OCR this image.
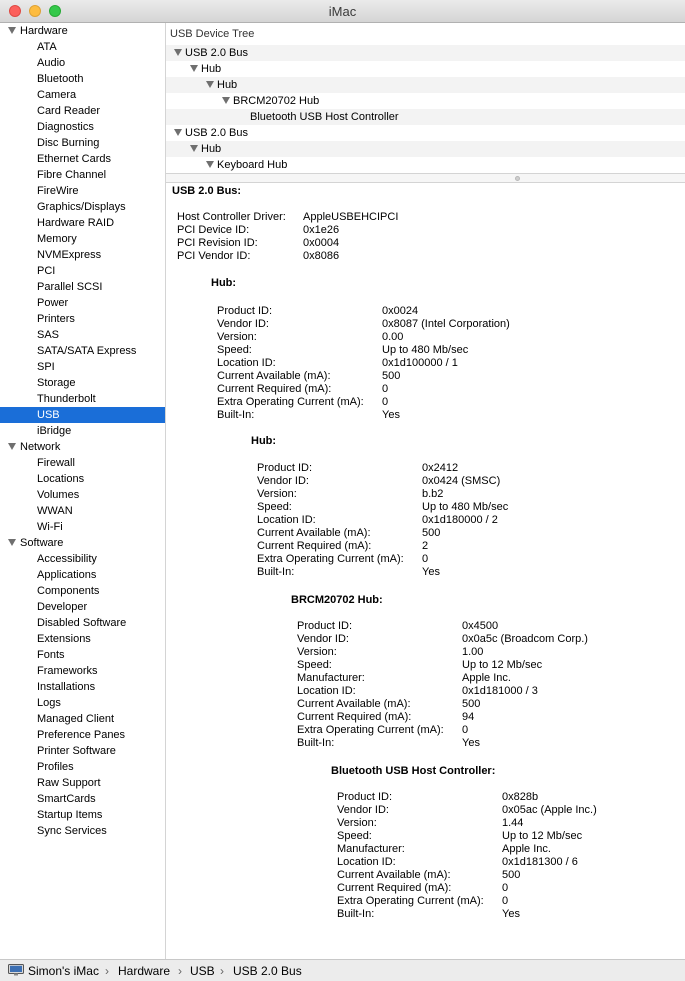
iMac
Hardware
ATA
Audio
Bluetooth
Camera
Card Reader
Diagnostics
Disc Burning
Ethernet Cards
Fibre Channel
FireWire
Graphics/Displays
Hardware RAID
Memory
NVMExpress
PCI
Parallel SCSI
Power
Printers
SAS
SATA/SATA Express
SPI
Storage
Thunderbolt
USB
iBridge
Network
Firewall
Locations
Volumes
WWAN
Wi-Fi
Software
Accessibility
Applications
Components
Developer
Disabled Software
Extensions
Fonts
Frameworks
Installations
Logs
Managed Client
Preference Panes
Printer Software
Profiles
Raw Support
SmartCards
Startup Items
Sync Services
USB Device Tree
USB 2.0 Bus
Hub
Hub
BRCM20702 Hub
Bluetooth USB Host Controller
USB 2.0 Bus
Hub
Keyboard Hub
USB 2.0 Bus:
Host Controller Driver: AppleUSBEHCIPCI
PCI Device ID:	0x1e26
PCI Revision ID:	0x0004
PCI Vendor ID:	0x8086
Hub:
Product ID:	0x0024
Vendor ID:	0x8087 (Intel Corporation)
Version:	0.00
Speed:	Up to 480 Mb/sec
Location ID:	0x1d100000 / 1
Current Available (mA):	500
Current Required (mA):	0
Extra Operating Current (mA): 0
Built-In:	Yes
Hub:
Product ID:	0x2412
Vendor ID:	0x0424 (SMSC)
Version:	b.b2
Speed:	Up to 480 Mb/sec
Location ID:	0x1d180000 / 2
Current Available (mA):	500
Current Required (mA):	2
Extra Operating Current (mA): 0
Built-In:	Yes
BRCM20702 Hub:
Product ID:	0x4500
Vendor ID:	0x0a5c (Broadcom Corp.)
Version:	1.00
Speed:	Up to 12 Mb/sec
Manufacturer:	Apple Inc.
Location ID:	0x1d181000 / 3
Current Available (mA):	500
Current Required (mA):	94
Extra Operating Current (mA): 0
Built-In:	Yes
Bluetooth USB Host Controller:
Product ID:	0x828b
Vendor ID:	0x05ac (Apple Inc.)
Version:	1.44
Speed:	Up to 12 Mb/sec
Manufacturer:	Apple Inc.
Location ID:	0x1d181300 / 6
Current Available (mA):	500
Current Required (mA):	0
Extra Operating Current (mA): 0
Built-In:	Yes
Simon's iMac › Hardware › USB › USB 2.0 Bus
